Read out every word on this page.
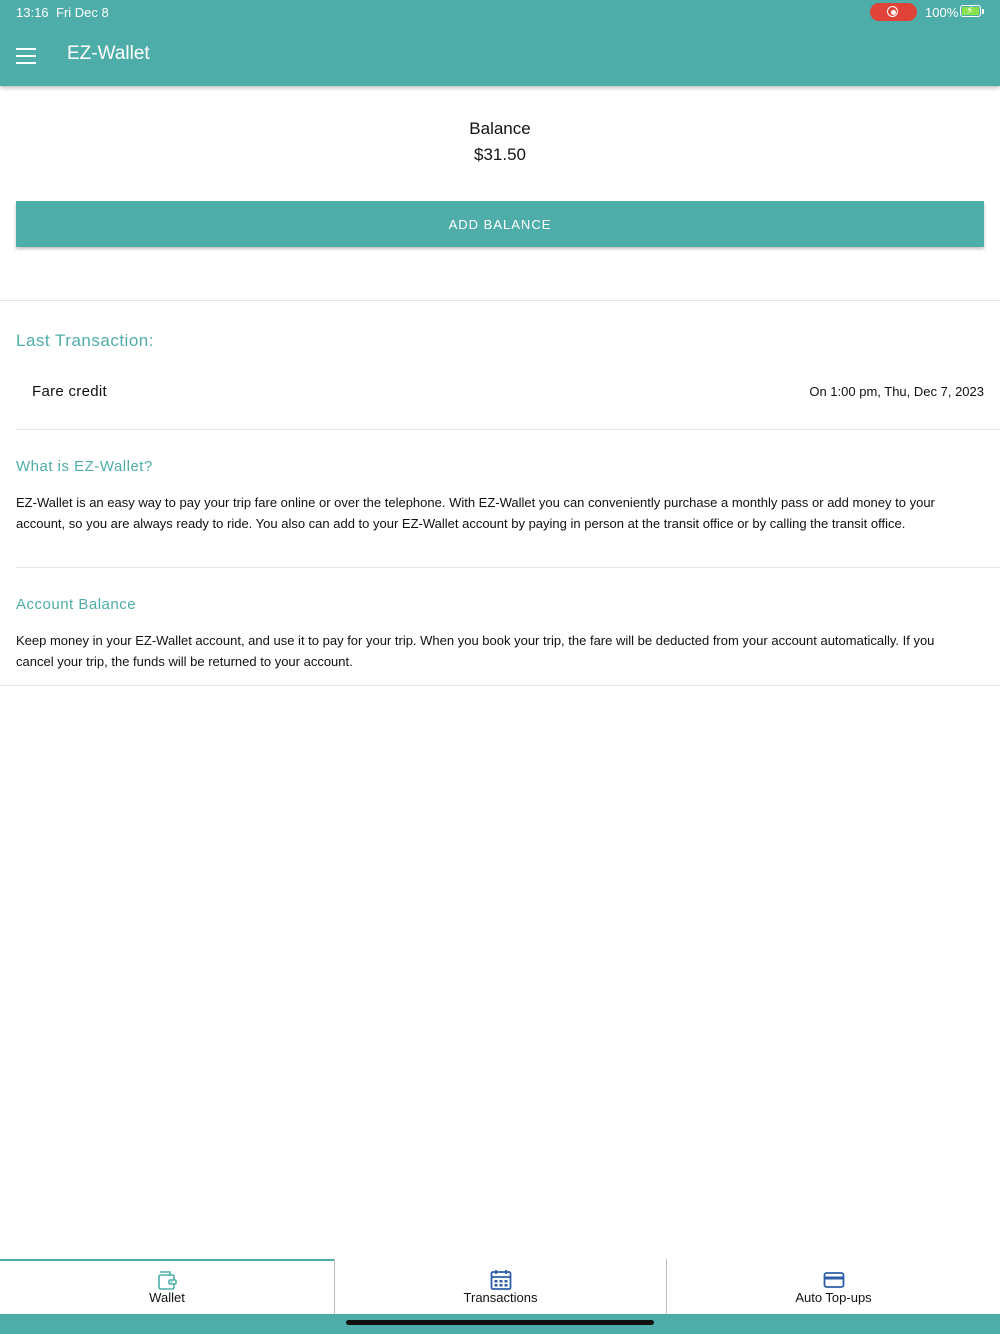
13:16 Fri Dec 8	100% ⚡
EZ-Wallet
Balance
$31.50
ADD BALANCE
Last Transaction:
Fare credit	On 1:00 pm, Thu, Dec 7, 2023
What is EZ-Wallet?
EZ-Wallet is an easy way to pay your trip fare online or over the telephone. With EZ-Wallet you can conveniently purchase a monthly pass or add money to your account, so you are always ready to ride. You also can add to your EZ-Wallet account by paying in person at the transit office or by calling the transit office.
Account Balance
Keep money in your EZ-Wallet account, and use it to pay for your trip. When you book your trip, the fare will be deducted from your account automatically. If you cancel your trip, the funds will be returned to your account.
Wallet	Transactions	Auto Top-ups
